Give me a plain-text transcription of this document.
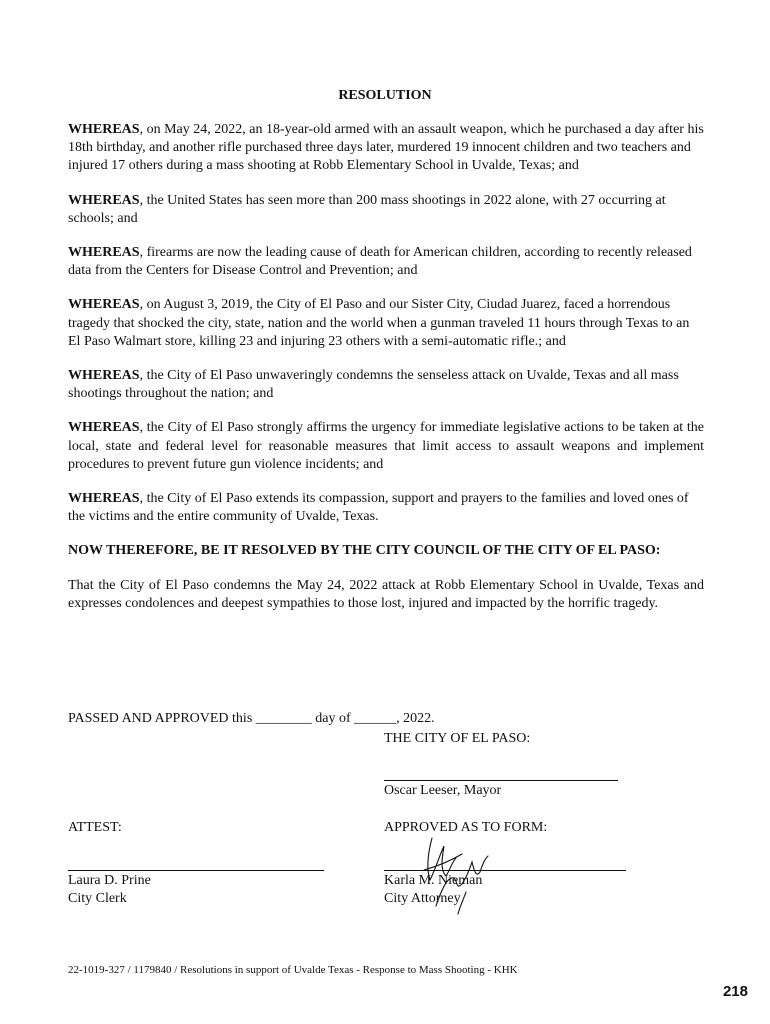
RESOLUTION

WHEREAS, on May 24, 2022, an 18-year-old armed with an assault weapon, which he purchased a day after his 18th birthday, and another rifle purchased three days later, murdered 19 innocent children and two teachers and injured 17 others during a mass shooting at Robb Elementary School in Uvalde, Texas; and

WHEREAS, the United States has seen more than 200 mass shootings in 2022 alone, with 27 occurring at schools; and

WHEREAS, firearms are now the leading cause of death for American children, according to recently released data from the Centers for Disease Control and Prevention; and

WHEREAS, on August 3, 2019, the City of El Paso and our Sister City, Ciudad Juarez, faced a horrendous tragedy that shocked the city, state, nation and the world when a gunman traveled 11 hours through Texas to an El Paso Walmart store, killing 23 and injuring 23 others with a semi-automatic rifle.; and

WHEREAS, the City of El Paso unwaveringly condemns the senseless attack on Uvalde, Texas and all mass shootings throughout the nation; and

WHEREAS, the City of El Paso strongly affirms the urgency for immediate legislative actions to be taken at the local, state and federal level for reasonable measures that limit access to assault weapons and implement procedures to prevent future gun violence incidents; and

WHEREAS, the City of El Paso extends its compassion, support and prayers to the families and loved ones of the victims and the entire community of Uvalde, Texas.

NOW THEREFORE, BE IT RESOLVED BY THE CITY COUNCIL OF THE CITY OF EL PASO:

That the City of El Paso condemns the May 24, 2022 attack at Robb Elementary School in Uvalde, Texas and expresses condolences and deepest sympathies to those lost, injured and impacted by the horrific tragedy.

PASSED AND APPROVED this ________ day of ______, 2022.
THE CITY OF EL PASO:
Oscar Leeser, Mayor
ATTEST:	APPROVED AS TO FORM:
Laura D. Prine
City Clerk
Karla M. Nieman
City Attorney
22-1019-327 / 1179840 / Resolutions in support of Uvalde Texas - Response to Mass Shooting - KHK
218
